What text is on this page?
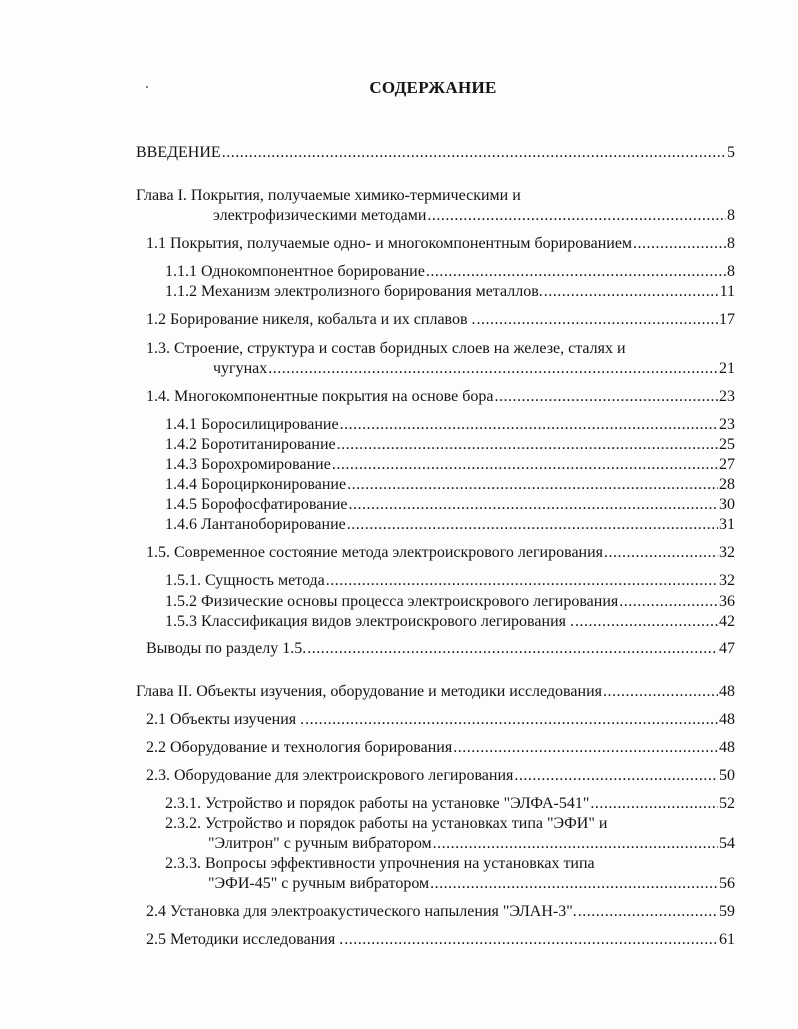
СОДЕРЖАНИЕ
ВВЕДЕНИЕ .....	5
Глава I. Покрытия, получаемые химико-термическими и
электрофизическими методами .....	8
1.1 Покрытия, получаемые одно- и многокомпонентным борированием .....	8
1.1.1 Однокомпонентное борирование .....	8
1.1.2 Механизм электролизного борирования металлов. .....	11
1.2 Борирование никеля, кобальта и их сплавов . .....	17
1.3. Строение, структура и состав боридных слоев на железе, сталях и
чугунах .....	21
1.4. Многокомпонентные покрытия на основе бора .....	23
1.4.1 Боросилицирование .....	23
1.4.2 Боротитанирование .....	25
1.4.3 Борохромирование .....	27
1.4.4 Бороцирконирование .....	28
1.4.5 Борофосфатирование .....	30
1.4.6 Лантаноборирование .....	31
1.5. Современное состояние метода электроискрового легирования .....	32
1.5.1. Сущность метода .....	32
1.5.2 Физические основы процесса электроискрового легирования .....	36
1.5.3 Классификация видов электроискрового легирования . .....	42
Выводы по разделу 1.5. .....	47
Глава II. Объекты изучения, оборудование и методики исследования .....	48
2.1 Объекты изучения . .....	48
2.2 Оборудование и технология борирования .....	48
2.3. Оборудование для электроискрового легирования .....	50
2.3.1. Устройство и порядок работы на установке "ЭЛФА-541" .....	52
2.3.2. Устройство и порядок работы на установках типа "ЭФИ" и
"Элитрон" с ручным вибратором .....	54
2.3.3. Вопросы эффективности упрочнения на установках типа
"ЭФИ-45" с ручным вибратором .....	56
2.4 Установка для электроакустического напыления "ЭЛАН-3". .....	59
2.5 Методики исследования . .....	61
